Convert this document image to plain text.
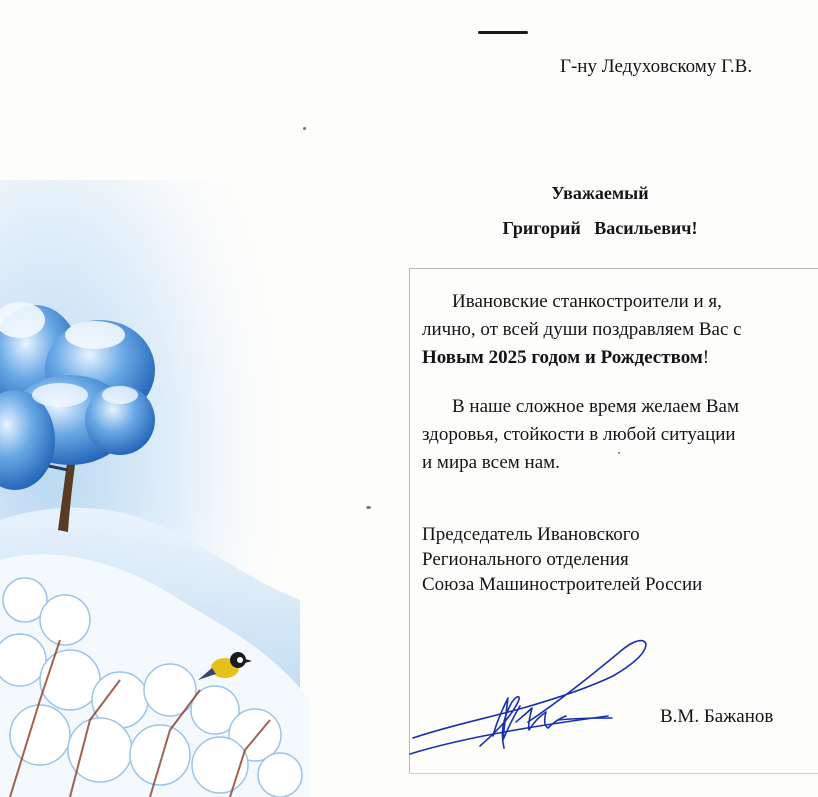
Г-ну Ледуховскому Г.В.
Уважаемый
Григорий   Васильевич!
Ивановские станкостроители и я,
лично, от всей души поздравляем Вас с
Новым 2025 годом и Рождеством!
В наше сложное время желаем Вам
здоровья, стойкости в любой ситуации
и мира всем нам.
Председатель Ивановского
Регионального отделения
Союза Машиностроителей России
В.М. Бажанов
